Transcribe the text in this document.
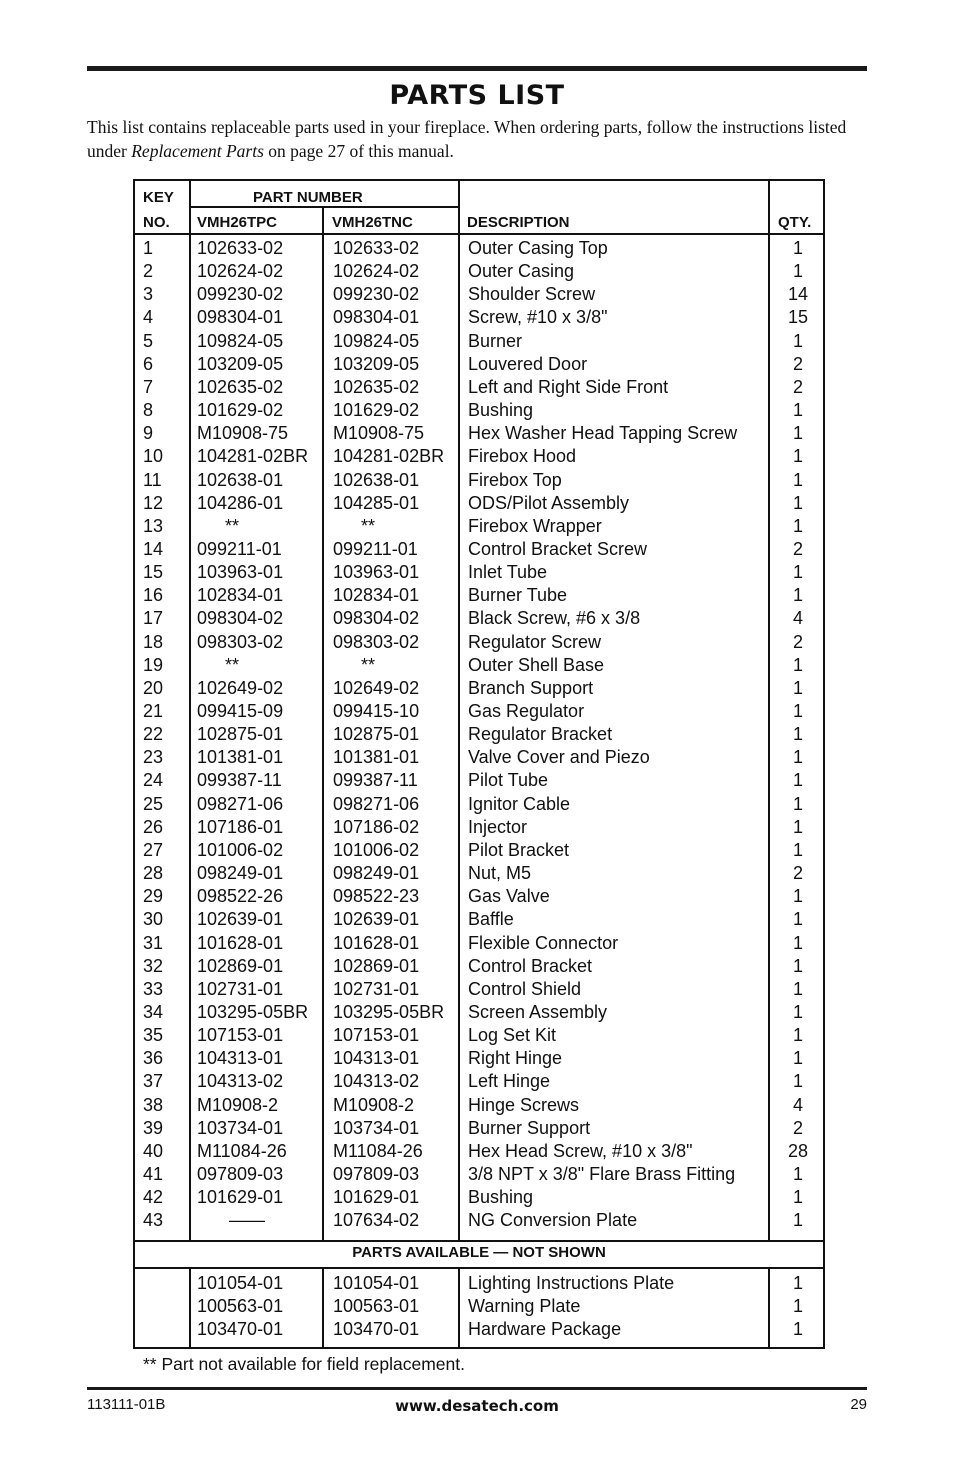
PARTS LIST
This list contains replaceable parts used in your fireplace. When ordering parts, follow the instructions listed under Replacement Parts on page 27 of this manual.
KEY
NO.
PART NUMBER
VMH26TPC	VMH26TNC	DESCRIPTION	QTY.
PARTS AVAILABLE — NOT SHOWN
1 102633-02	102633-02	Outer Casing Top	1
2 102624-02	102624-02	Outer Casing	1
3 099230-02	099230-02	Shoulder Screw	14
4 098304-01	098304-01	Screw, #10 x 3/8"	15
5 109824-05	109824-05	Burner	1
6 103209-05	103209-05	Louvered Door	2
7 102635-02	102635-02	Left and Right Side Front	2
8 101629-02	101629-02	Bushing	1
9 M10908-75 M10908-75 Hex Washer Head Tapping Screw	1
10 104281-02BR 104281-02BR Firebox Hood	1
11 102638-01	102638-01	Firebox Top	1
12 104286-01	104285-01	ODS/Pilot Assembly	1
13	**	**	Firebox Wrapper	1
14 099211-01	099211-01	Control Bracket Screw	2
15 103963-01	103963-01	Inlet Tube	1
16 102834-01	102834-01	Burner Tube	1
17 098304-02	098304-02	Black Screw, #6 x 3/8	4
18 098303-02	098303-02	Regulator Screw	2
19	**	**	Outer Shell Base	1
20 102649-02	102649-02	Branch Support	1
21 099415-09	099415-10	Gas Regulator	1
22 102875-01	102875-01	Regulator Bracket	1
23 101381-01	101381-01	Valve Cover and Piezo	1
24 099387-11	099387-11	Pilot Tube	1
25 098271-06	098271-06	Ignitor Cable	1
26 107186-01	107186-02	Injector	1
27 101006-02	101006-02	Pilot Bracket	1
28 098249-01	098249-01	Nut, M5	2
29 098522-26	098522-23	Gas Valve	1
30 102639-01	102639-01	Baffle	1
31 101628-01	101628-01	Flexible Connector	1
32 102869-01	102869-01	Control Bracket	1
33 102731-01	102731-01	Control Shield	1
34 103295-05BR 103295-05BR Screen Assembly	1
35 107153-01	107153-01	Log Set Kit	1
36 104313-01	104313-01	Right Hinge	1
37 104313-02	104313-02	Left Hinge	1
38 M10908-2	M10908-2	Hinge Screws	4
39 103734-01	103734-01	Burner Support	2
40 M11084-26	M11084-26	Hex Head Screw, #10 x 3/8"	28
41 097809-03	097809-03	3/8 NPT x 3/8" Flare Brass Fitting	1
42 101629-01	101629-01	Bushing	1
43	——	107634-02	NG Conversion Plate	1
101054-01	101054-01	Lighting Instructions Plate	1
100563-01	100563-01	Warning Plate	1
103470-01	103470-01	Hardware Package	1
** Part not available for field replacement.
113111-01B	www.desatech.com	29
